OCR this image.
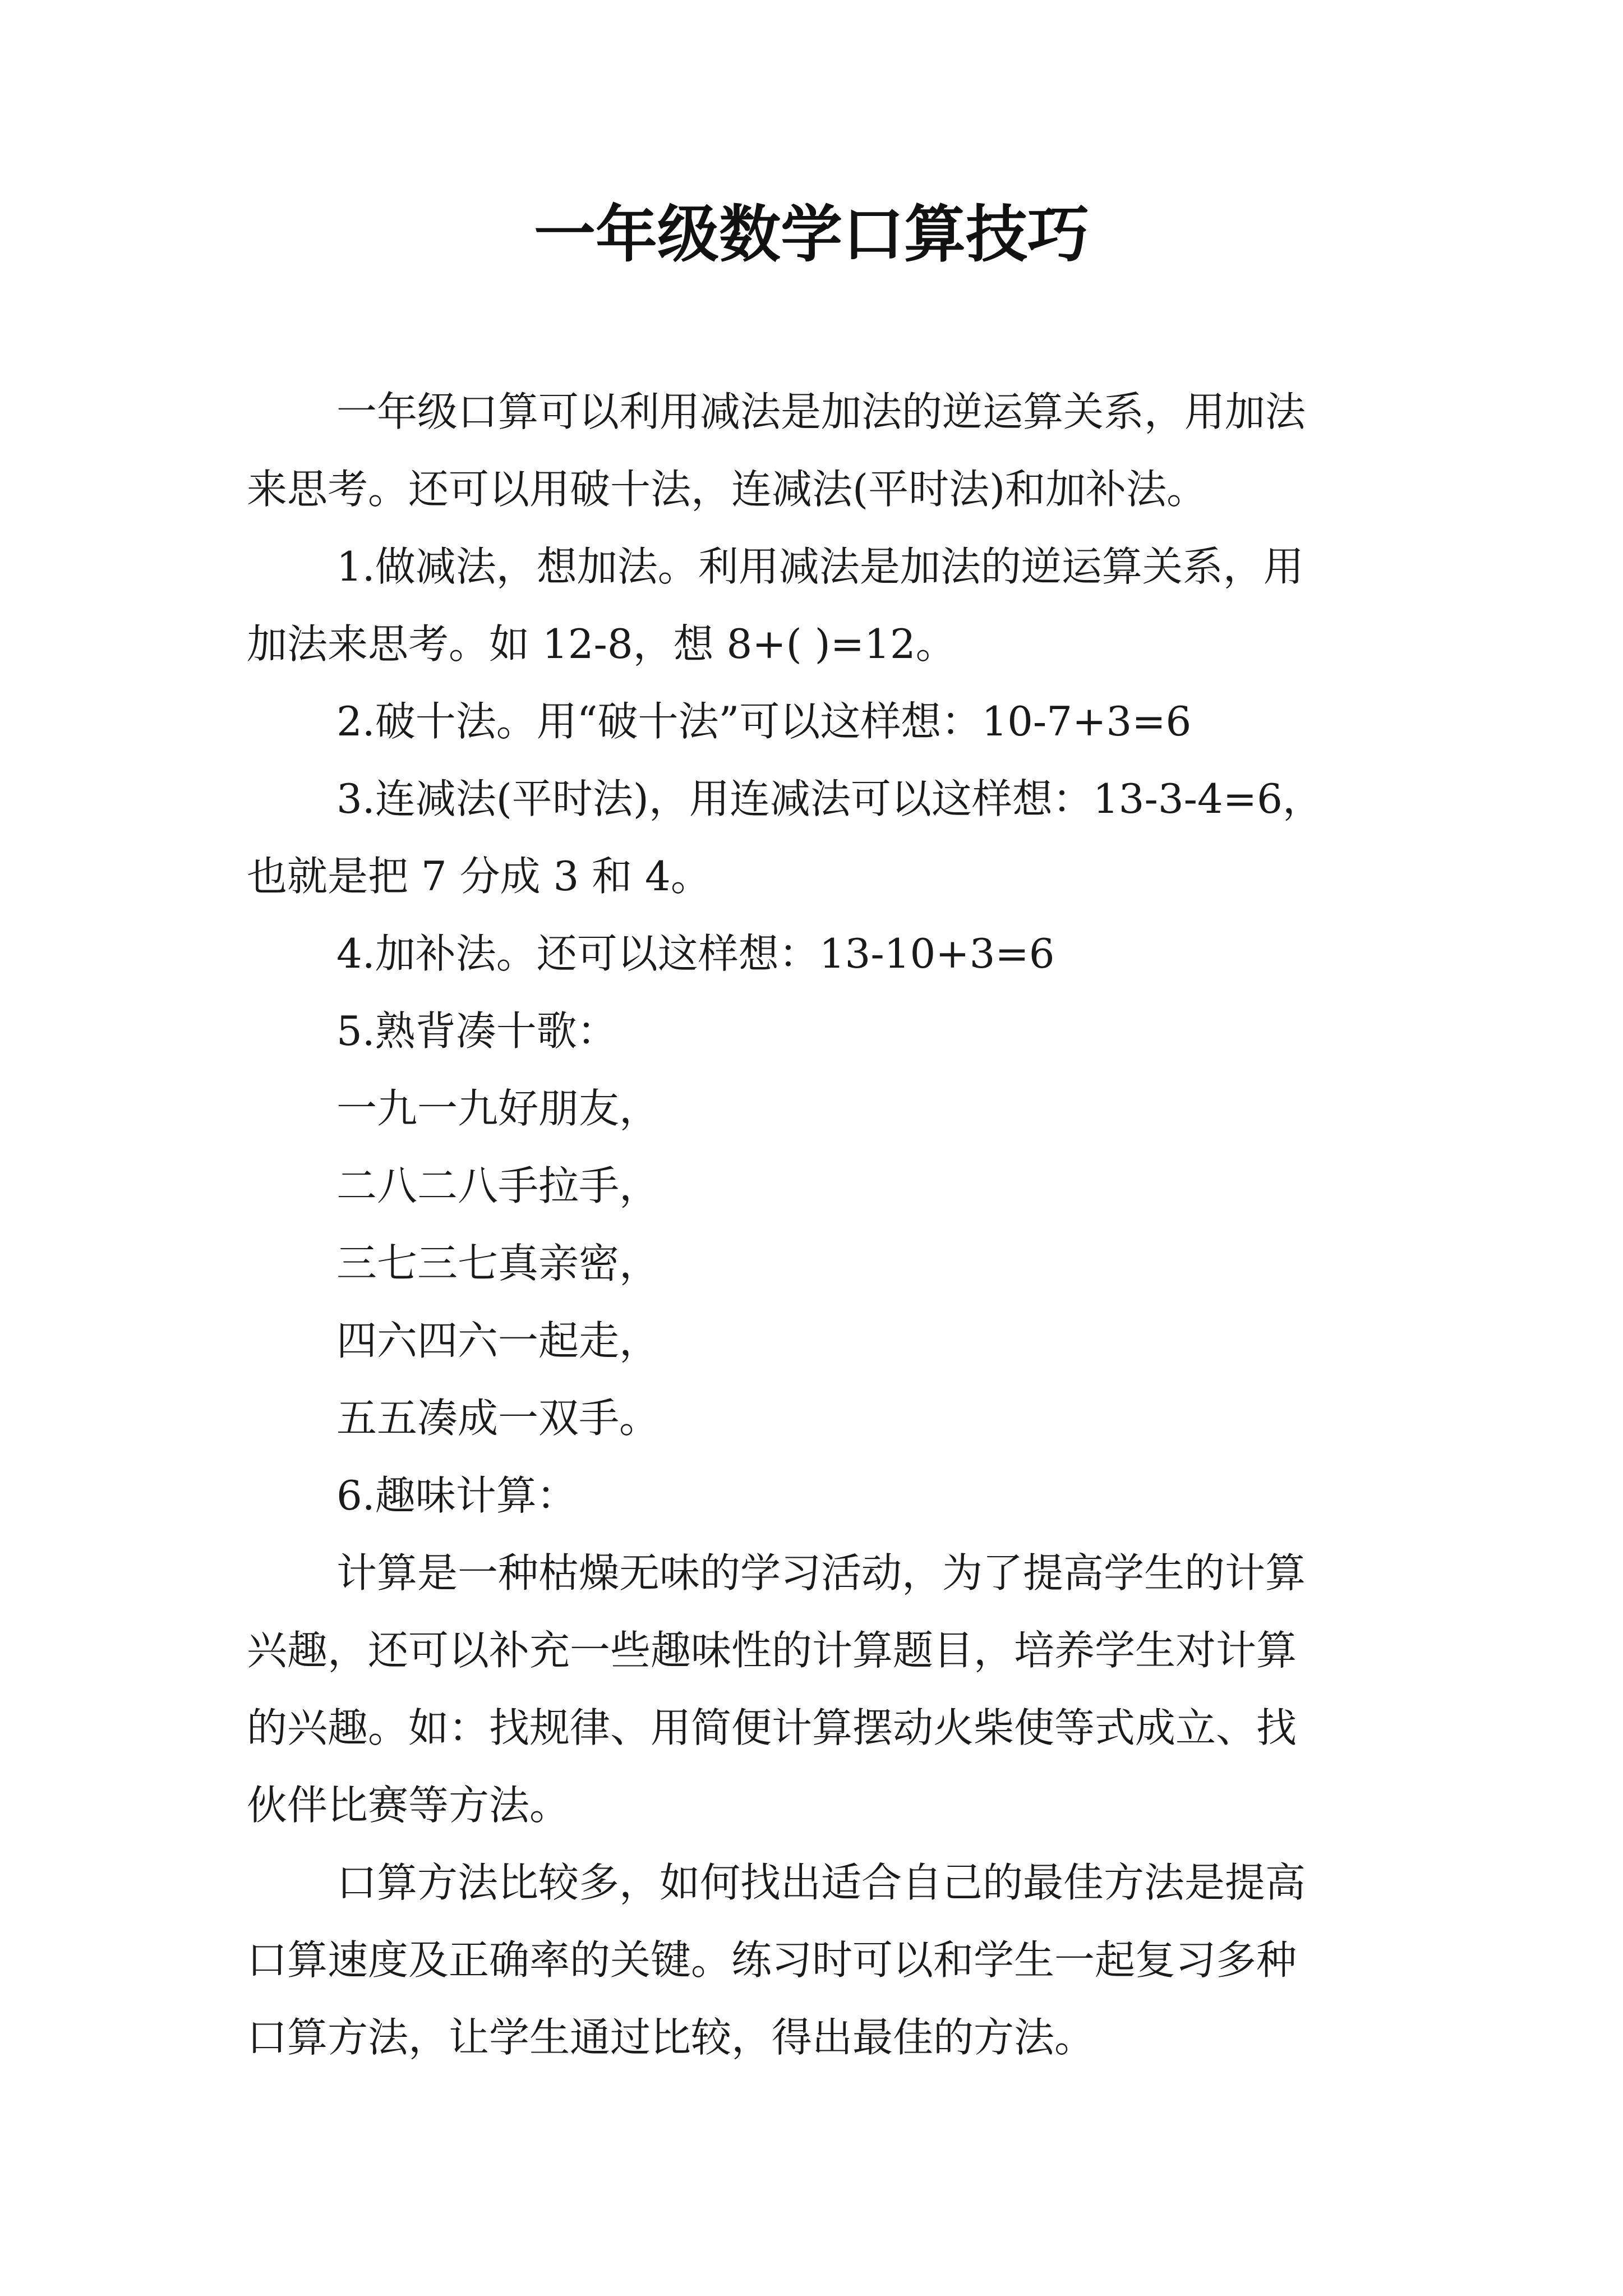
一年级数学口算技巧
一年级口算可以利用减法是加法的逆运算关系，用加法
来思考。还可以用破十法，连减法(平时法)和加补法。
1.做减法，想加法。利用减法是加法的逆运算关系，用
加法来思考。如 12-8，想 8+( )=12。
2.破十法。用“破十法”可以这样想：10-7+3=6
3.连减法(平时法)，用连减法可以这样想：13-3-4=6，
也就是把 7 分成 3 和 4。
4.加补法。还可以这样想：13-10+3=6
5.熟背凑十歌：
一九一九好朋友，
二八二八手拉手，
三七三七真亲密，
四六四六一起走，
五五凑成一双手。
6.趣味计算：
计算是一种枯燥无味的学习活动，为了提高学生的计算
兴趣，还可以补充一些趣味性的计算题目，培养学生对计算
的兴趣。如：找规律、用简便计算摆动火柴使等式成立、找
伙伴比赛等方法。
口算方法比较多，如何找出适合自己的最佳方法是提高
口算速度及正确率的关键。练习时可以和学生一起复习多种
口算方法，让学生通过比较，得出最佳的方法。
